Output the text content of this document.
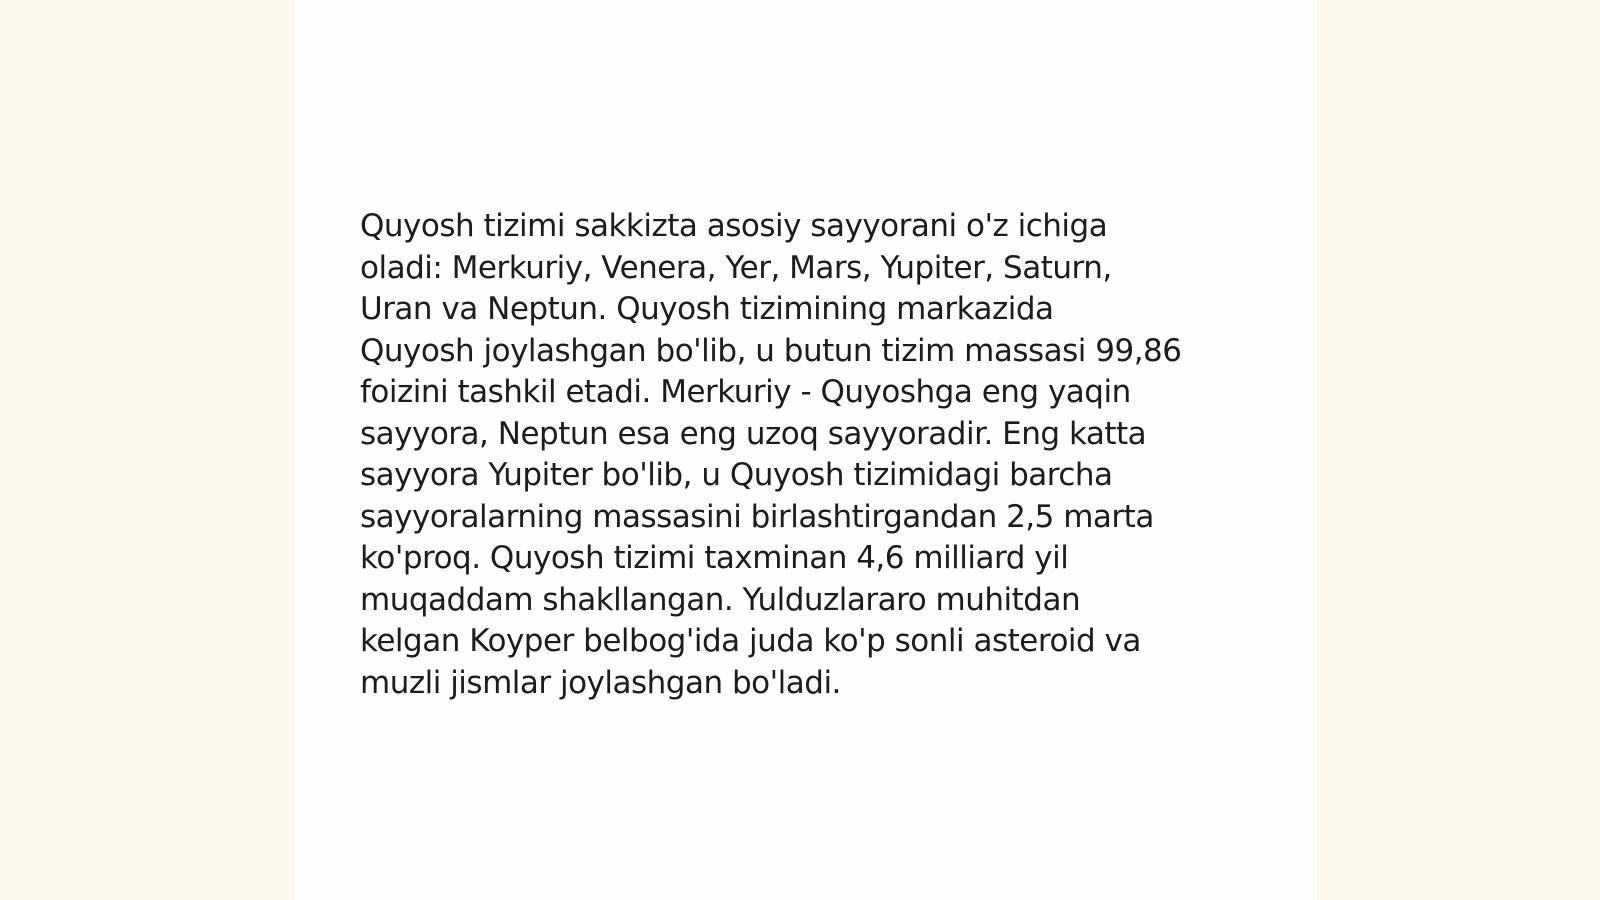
Quyosh tizimi sakkizta asosiy sayyorani o'z ichiga
oladi: Merkuriy, Venera, Yer, Mars, Yupiter, Saturn,
Uran va Neptun. Quyosh tizimining markazida
Quyosh joylashgan bo'lib, u butun tizim massasi 99,86
foizini tashkil etadi. Merkuriy - Quyoshga eng yaqin
sayyora, Neptun esa eng uzoq sayyoradir. Eng katta
sayyora Yupiter bo'lib, u Quyosh tizimidagi barcha
sayyoralarning massasini birlashtirgandan 2,5 marta
ko'proq. Quyosh tizimi taxminan 4,6 milliard yil
muqaddam shakllangan. Yulduzlararo muhitdan
kelgan Koyper belbog'ida juda ko'p sonli asteroid va
muzli jismlar joylashgan bo'ladi.
